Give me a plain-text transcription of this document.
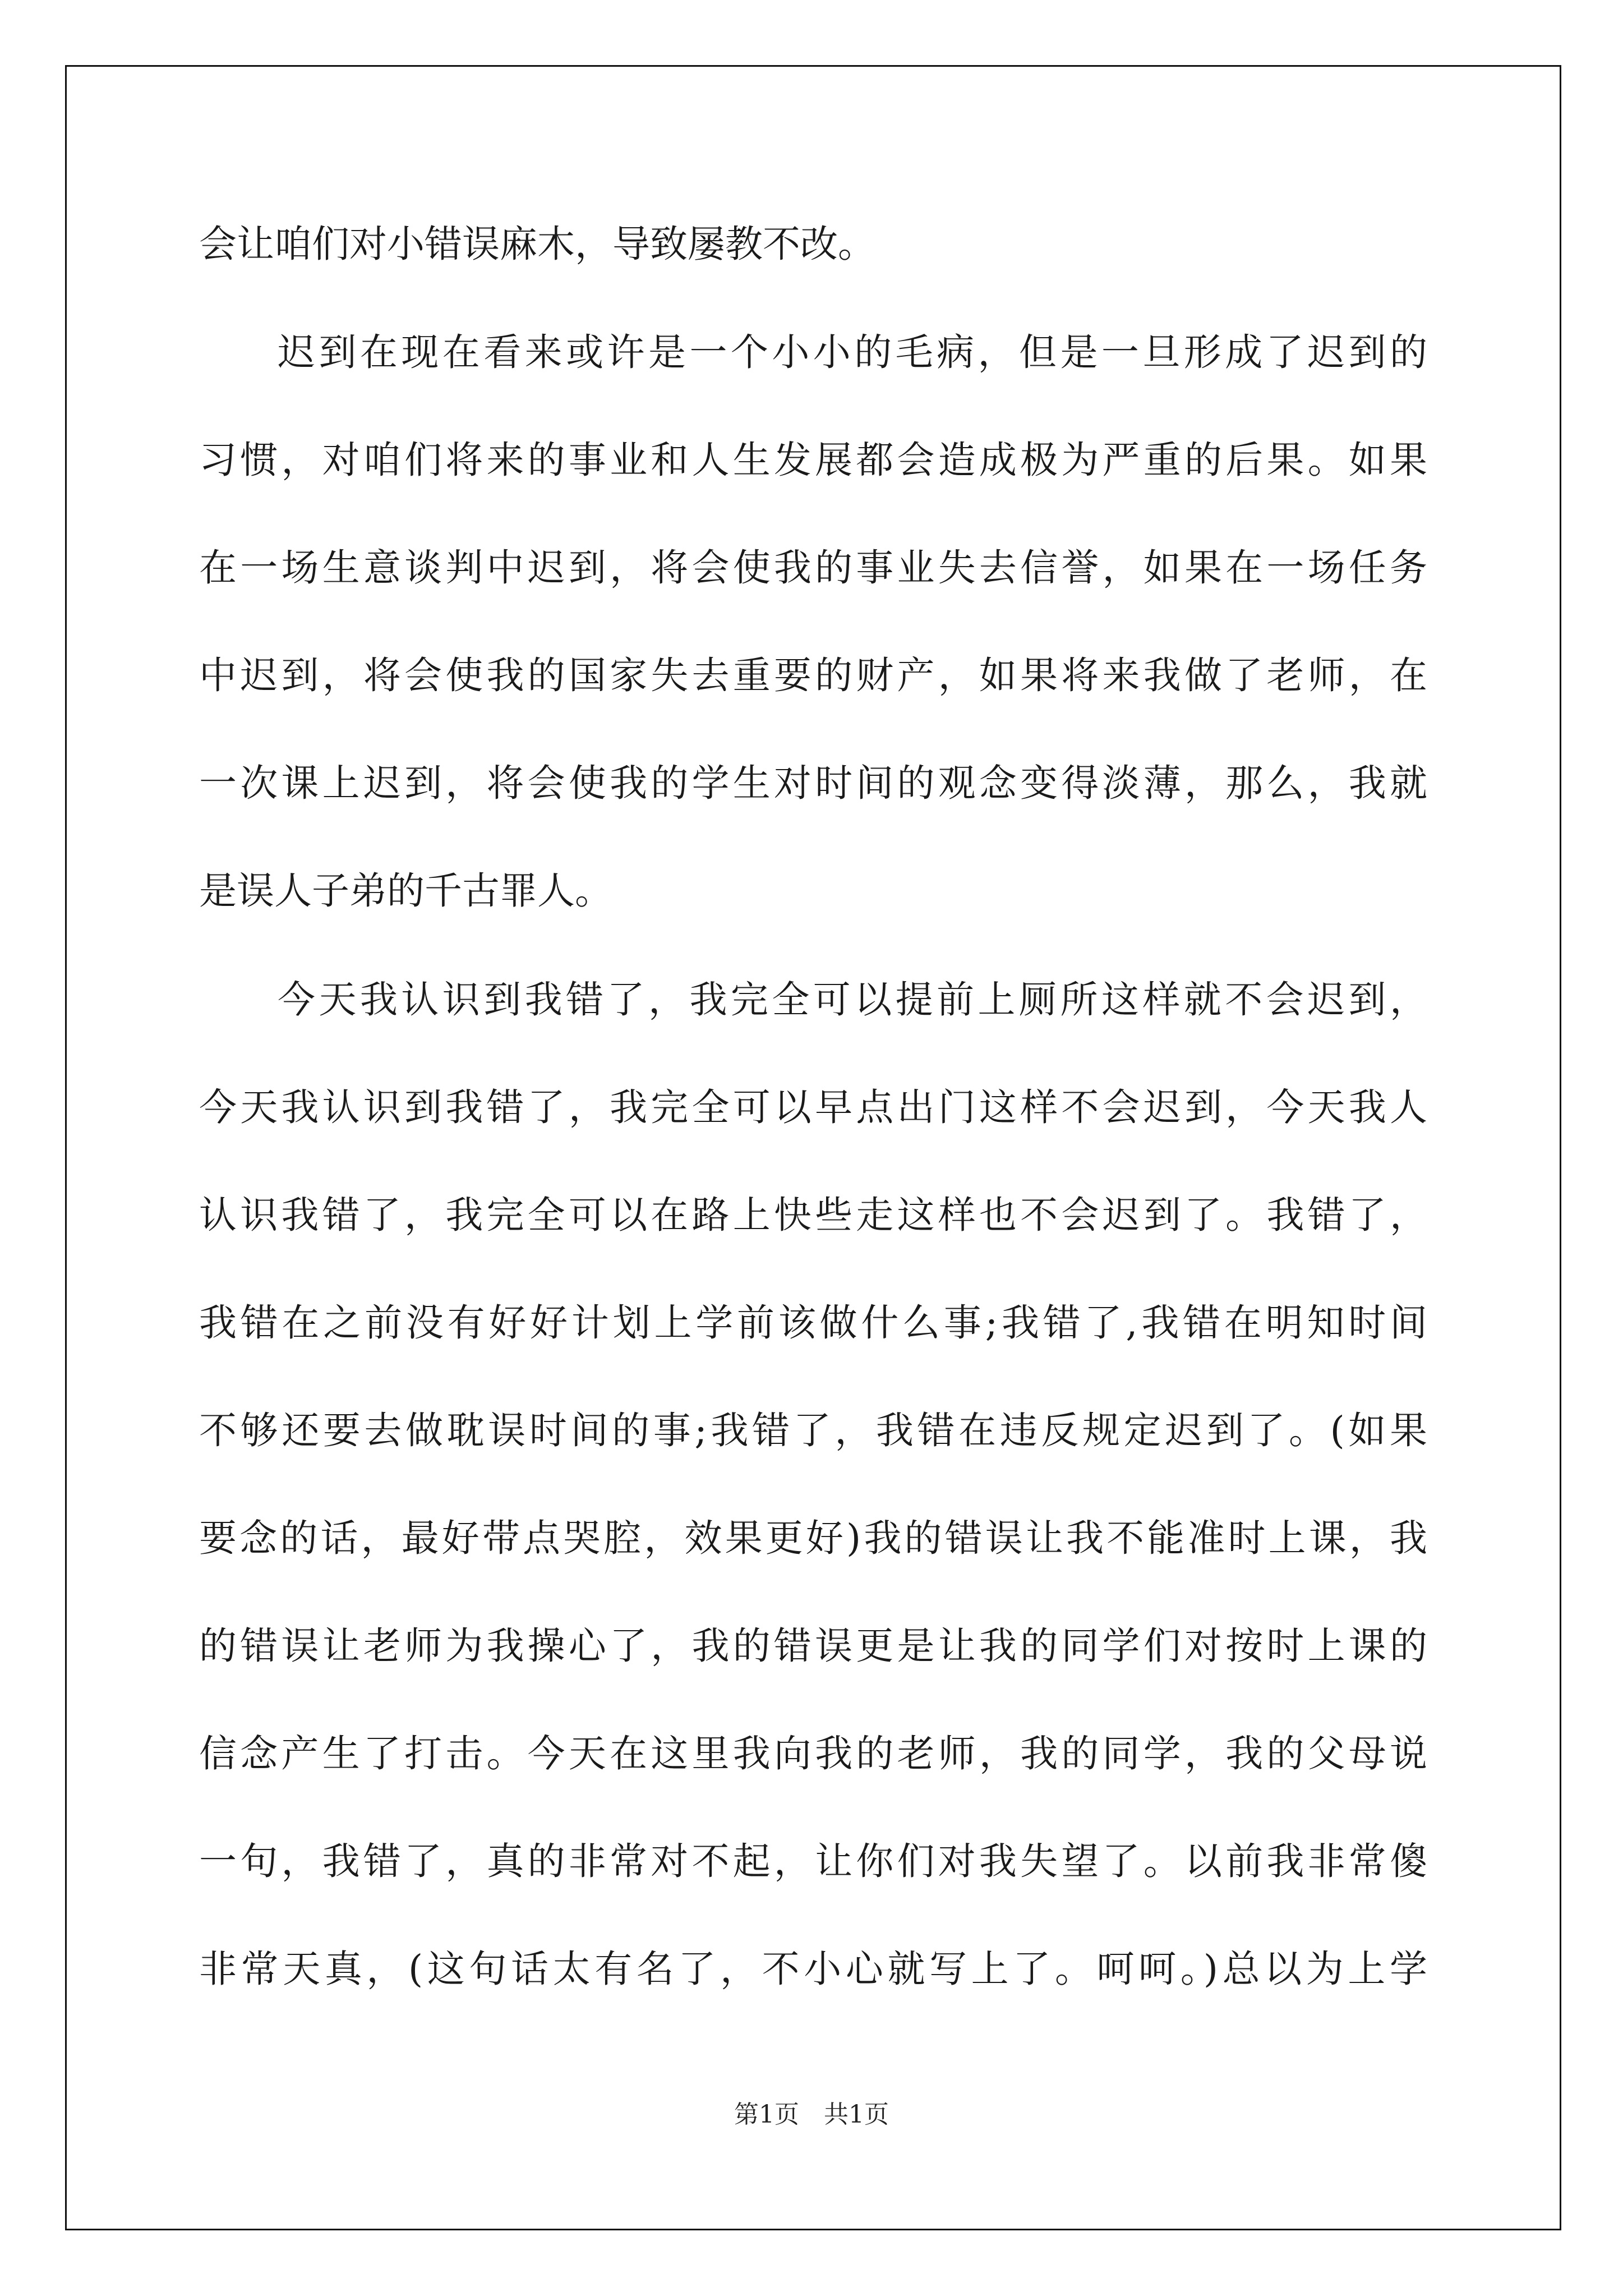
会让咱们对小错误麻木，导致屡教不改。

迟到在现在看来或许是一个小小的毛病，但是一旦形成了迟到的

习惯，对咱们将来的事业和人生发展都会造成极为严重的后果。如果

在一场生意谈判中迟到，将会使我的事业失去信誉，如果在一场任务

中迟到，将会使我的国家失去重要的财产，如果将来我做了老师，在

一次课上迟到，将会使我的学生对时间的观念变得淡薄，那么，我就

是误人子弟的千古罪人。

今天我认识到我错了，我完全可以提前上厕所这样就不会迟到，

今天我认识到我错了，我完全可以早点出门这样不会迟到，今天我人

认识我错了，我完全可以在路上快些走这样也不会迟到了。我错了，

我错在之前没有好好计划上学前该做什么事;我错了,我错在明知时间

不够还要去做耽误时间的事;我错了，我错在违反规定迟到了。(如果

要念的话，最好带点哭腔，效果更好)我的错误让我不能准时上课，我

的错误让老师为我操心了，我的错误更是让我的同学们对按时上课的

信念产生了打击。今天在这里我向我的老师，我的同学，我的父母说

一句，我错了，真的非常对不起，让你们对我失望了。以前我非常傻

非常天真，(这句话太有名了，不小心就写上了。呵呵。)总以为上学

第1页　共1页
